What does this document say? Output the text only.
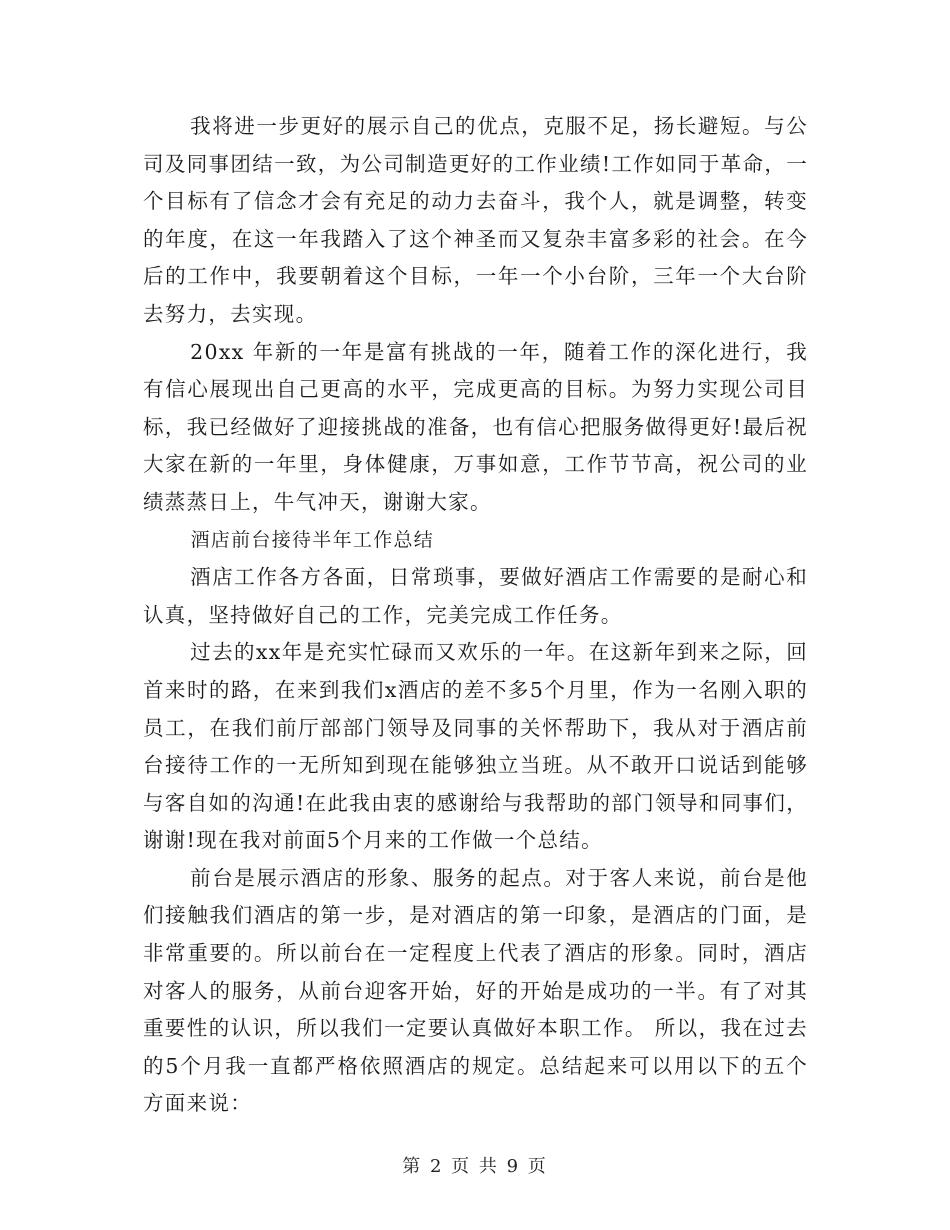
我将进一步更好的展示自己的优点，克服不足，扬长避短。与公司及同事团结一致，为公司制造更好的工作业绩!工作如同于革命，一个目标有了信念才会有充足的动力去奋斗，我个人，就是调整，转变的年度，在这一年我踏入了这个神圣而又复杂丰富多彩的社会。在今后的工作中，我要朝着这个目标，一年一个小台阶，三年一个大台阶去努力，去实现。

20xx 年新的一年是富有挑战的一年，随着工作的深化进行，我有信心展现出自己更高的水平，完成更高的目标。为努力实现公司目标，我已经做好了迎接挑战的准备，也有信心把服务做得更好!最后祝大家在新的一年里，身体健康，万事如意，工作节节高，祝公司的业绩蒸蒸日上，牛气冲天，谢谢大家。

酒店前台接待半年工作总结

酒店工作各方各面，日常琐事，要做好酒店工作需要的是耐心和认真，坚持做好自己的工作，完美完成工作任务。

过去的xx年是充实忙碌而又欢乐的一年。在这新年到来之际，回首来时的路，在来到我们x酒店的差不多5个月里，作为一名刚入职的员工，在我们前厅部部门领导及同事的关怀帮助下，我从对于酒店前台接待工作的一无所知到现在能够独立当班。从不敢开口说话到能够与客自如的沟通!在此我由衷的感谢给与我帮助的部门领导和同事们，谢谢!现在我对前面5个月来的工作做一个总结。

前台是展示酒店的形象、服务的起点。对于客人来说，前台是他们接触我们酒店的第一步，是对酒店的第一印象，是酒店的门面，是非常重要的。所以前台在一定程度上代表了酒店的形象。同时，酒店对客人的服务，从前台迎客开始，好的开始是成功的一半。有了对其重要性的认识，所以我们一定要认真做好本职工作。 所以，我在过去的5个月我一直都严格依照酒店的规定。总结起来可以用以下的五个方面来说：

第 2 页 共 9 页
